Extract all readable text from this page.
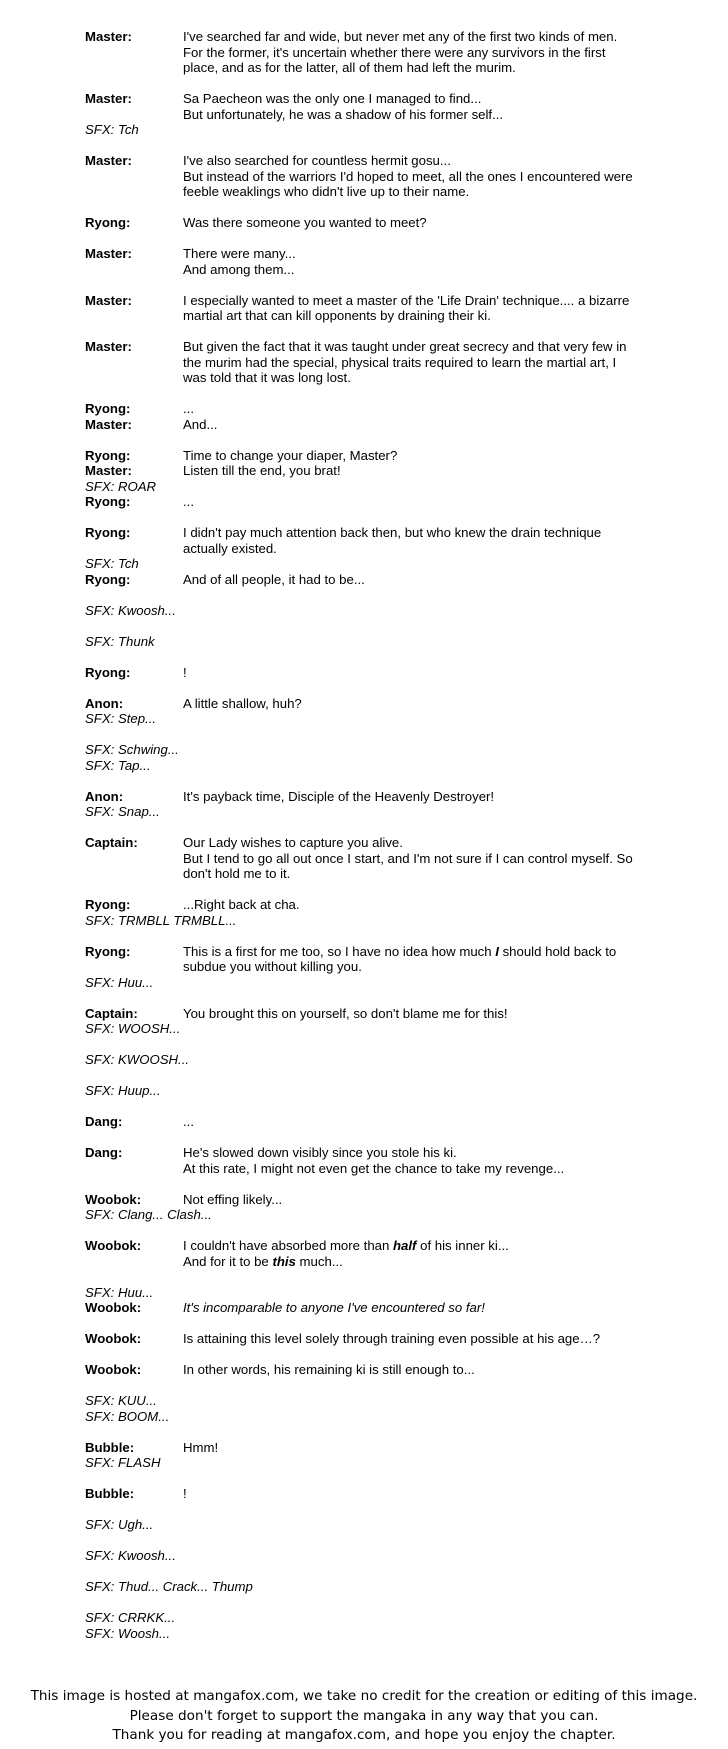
Master:	I've searched far and wide, but never met any of the first two kinds of men.
For the former, it's uncertain whether there were any survivors in the first
place, and as for the latter, all of them had left the murim.
Master:	Sa Paecheon was the only one I managed to find...
But unfortunately, he was a shadow of his former self...
SFX: Tch
Master:	I've also searched for countless hermit gosu...
But instead of the warriors I'd hoped to meet, all the ones I encountered were
feeble weaklings who didn't live up to their name.
Ryong:	Was there someone you wanted to meet?
Master:	There were many...
And among them...
Master:	I especially wanted to meet a master of the 'Life Drain' technique.... a bizarre
martial art that can kill opponents by draining their ki.
Master:	But given the fact that it was taught under great secrecy and that very few in
the murim had the special, physical traits required to learn the martial art, I
was told that it was long lost.
Ryong:	...
Master:	And...
Ryong:	Time to change your diaper, Master?
Master:	Listen till the end, you brat!
SFX: ROAR
Ryong:	...
Ryong:	I didn't pay much attention back then, but who knew the drain technique
actually existed.
SFX: Tch
Ryong:	And of all people, it had to be...
SFX: Kwoosh...
SFX: Thunk
Ryong:	!
Anon:	A little shallow, huh?
SFX: Step...
SFX: Schwing...
SFX: Tap...
Anon:	It's payback time, Disciple of the Heavenly Destroyer!
SFX: Snap...
Captain:	Our Lady wishes to capture you alive.
But I tend to go all out once I start, and I'm not sure if I can control myself. So
don't hold me to it.
Ryong:	...Right back at cha.
SFX: TRMBLL TRMBLL...
Ryong:	This is a first for me too, so I have no idea how much I should hold back to
subdue you without killing you.
SFX: Huu...
Captain:	You brought this on yourself, so don't blame me for this!
SFX: WOOSH...
SFX: KWOOSH...
SFX: Huup...
Dang:	...
Dang:	He's slowed down visibly since you stole his ki.
At this rate, I might not even get the chance to take my revenge...
Woobok:	Not effing likely...
SFX: Clang... Clash...
Woobok:	I couldn't have absorbed more than half of his inner ki...
And for it to be this much...
SFX: Huu...
Woobok:	It's incomparable to anyone I've encountered so far!
Woobok:	Is attaining this level solely through training even possible at his age…?
Woobok:	In other words, his remaining ki is still enough to...
SFX: KUU...
SFX: BOOM...
Bubble:	Hmm!
SFX: FLASH
Bubble:	!
SFX: Ugh...
SFX: Kwoosh...
SFX: Thud... Crack... Thump
SFX: CRRKK...
SFX: Woosh...
This image is hosted at mangafox.com, we take no credit for the creation or editing of this image.
Please don't forget to support the mangaka in any way that you can.
Thank you for reading at mangafox.com, and hope you enjoy the chapter.
